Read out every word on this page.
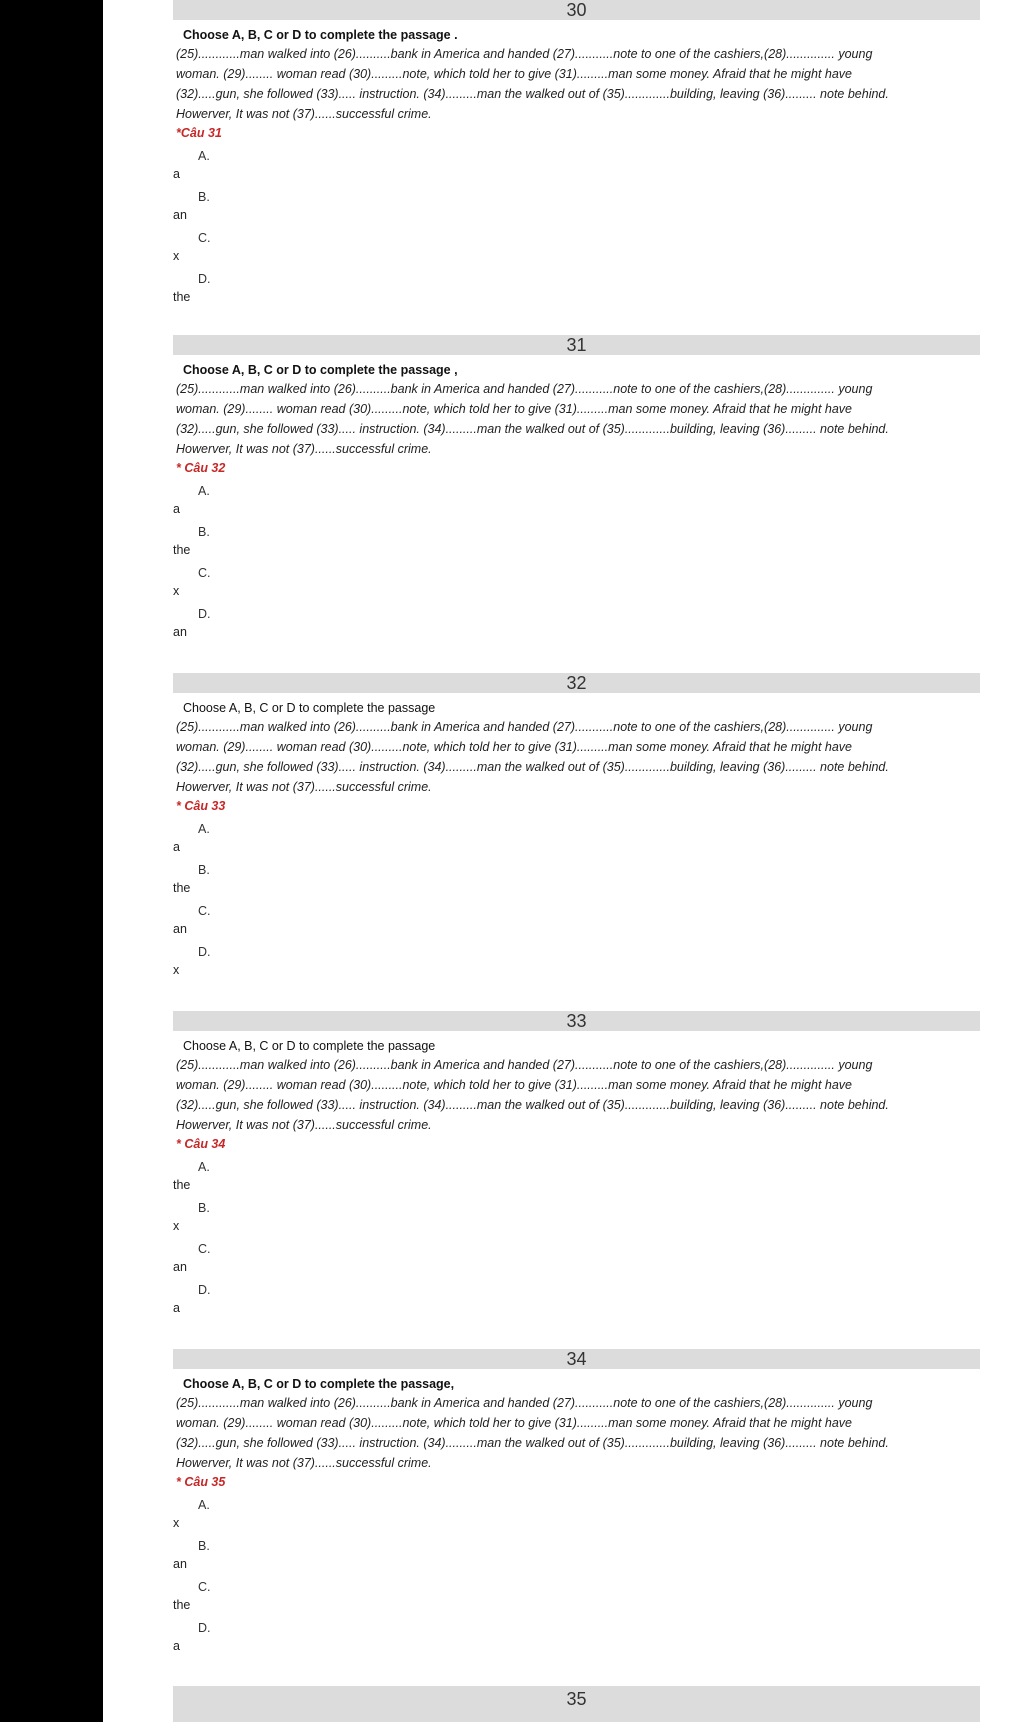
30
Choose A, B, C or D to complete the passage .
(25)............man walked into (26)..........bank in America and handed (27)...........note to one of the cashiers,(28).............. young
woman. (29)........ woman read (30).........note, which told her to give (31).........man some money. Afraid that he might have
(32).....gun, she followed (33)..... instruction. (34).........man the walked out of (35).............building, leaving (36)......... note behind.
Howerver, It was not (37)......successful crime.
*Câu 31
A.
a
B.
an
C.
x
D.
the
31
Choose A, B, C or D to complete the passage ,
(25)............man walked into (26)..........bank in America and handed (27)...........note to one of the cashiers,(28).............. young
woman. (29)........ woman read (30).........note, which told her to give (31).........man some money. Afraid that he might have
(32).....gun, she followed (33)..... instruction. (34).........man the walked out of (35).............building, leaving (36)......... note behind.
Howerver, It was not (37)......successful crime.
* Câu 32
A.
a
B.
the
C.
x
D.
an
32
Choose A, B, C or D to complete the passage
(25)............man walked into (26)..........bank in America and handed (27)...........note to one of the cashiers,(28).............. young
woman. (29)........ woman read (30).........note, which told her to give (31).........man some money. Afraid that he might have
(32).....gun, she followed (33)..... instruction. (34).........man the walked out of (35).............building, leaving (36)......... note behind.
Howerver, It was not (37)......successful crime.
* Câu 33
A.
a
B.
the
C.
an
D.
x
33
Choose A, B, C or D to complete the passage
(25)............man walked into (26)..........bank in America and handed (27)...........note to one of the cashiers,(28).............. young
woman. (29)........ woman read (30).........note, which told her to give (31).........man some money. Afraid that he might have
(32).....gun, she followed (33)..... instruction. (34).........man the walked out of (35).............building, leaving (36)......... note behind.
Howerver, It was not (37)......successful crime.
* Câu 34
A.
the
B.
x
C.
an
D.
a
34
Choose A, B, C or D to complete the passage,
(25)............man walked into (26)..........bank in America and handed (27)...........note to one of the cashiers,(28).............. young
woman. (29)........ woman read (30).........note, which told her to give (31).........man some money. Afraid that he might have
(32).....gun, she followed (33)..... instruction. (34).........man the walked out of (35).............building, leaving (36)......... note behind.
Howerver, It was not (37)......successful crime.
* Câu 35
A.
x
B.
an
C.
the
D.
a
35
